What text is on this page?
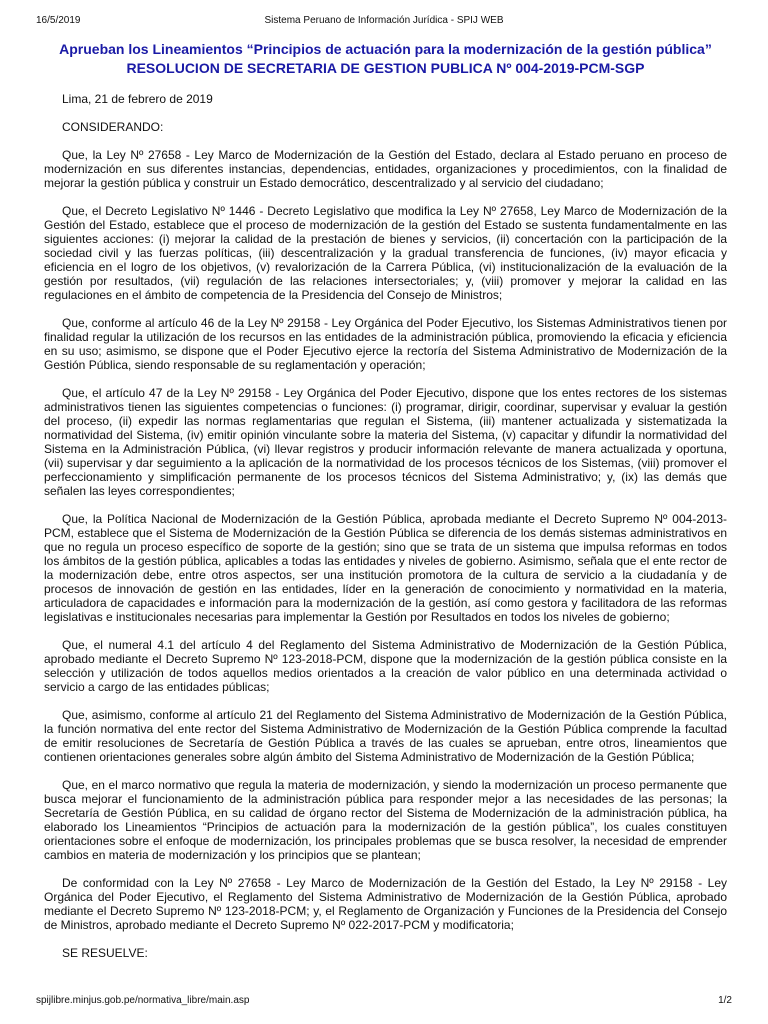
16/5/2019	Sistema Peruano de Información Jurídica - SPIJ WEB

Aprueban los Lineamientos “Principios de actuación para la modernización de la gestión pública”

RESOLUCION DE SECRETARIA DE GESTION PUBLICA Nº 004-2019-PCM-SGP

Lima, 21 de febrero de 2019

CONSIDERANDO:

Que, la Ley Nº 27658 - Ley Marco de Modernización de la Gestión del Estado, declara al Estado peruano en proceso de modernización en sus diferentes instancias, dependencias, entidades, organizaciones y procedimientos, con la finalidad de mejorar la gestión pública y construir un Estado democrático, descentralizado y al servicio del ciudadano;

Que, el Decreto Legislativo Nº 1446 - Decreto Legislativo que modifica la Ley Nº 27658, Ley Marco de Modernización de la Gestión del Estado, establece que el proceso de modernización de la gestión del Estado se sustenta fundamentalmente en las siguientes acciones: (i) mejorar la calidad de la prestación de bienes y servicios, (ii) concertación con la participación de la sociedad civil y las fuerzas políticas, (iii) descentralización y la gradual transferencia de funciones, (iv) mayor eficacia y eficiencia en el logro de los objetivos, (v) revalorización de la Carrera Pública, (vi) institucionalización de la evaluación de la gestión por resultados, (vii) regulación de las relaciones intersectoriales; y, (viii) promover y mejorar la calidad en las regulaciones en el ámbito de competencia de la Presidencia del Consejo de Ministros;

Que, conforme al artículo 46 de la Ley Nº 29158 - Ley Orgánica del Poder Ejecutivo, los Sistemas Administrativos tienen por finalidad regular la utilización de los recursos en las entidades de la administración pública, promoviendo la eficacia y eficiencia en su uso; asimismo, se dispone que el Poder Ejecutivo ejerce la rectoría del Sistema Administrativo de Modernización de la Gestión Pública, siendo responsable de su reglamentación y operación;

Que, el artículo 47 de la Ley Nº 29158 - Ley Orgánica del Poder Ejecutivo, dispone que los entes rectores de los sistemas administrativos tienen las siguientes competencias o funciones: (i) programar, dirigir, coordinar, supervisar y evaluar la gestión del proceso, (ii) expedir las normas reglamentarias que regulan el Sistema, (iii) mantener actualizada y sistematizada la normatividad del Sistema, (iv) emitir opinión vinculante sobre la materia del Sistema, (v) capacitar y difundir la normatividad del Sistema en la Administración Pública, (vi) llevar registros y producir información relevante de manera actualizada y oportuna, (vii) supervisar y dar seguimiento a la aplicación de la normatividad de los procesos técnicos de los Sistemas, (viii) promover el perfeccionamiento y simplificación permanente de los procesos técnicos del Sistema Administrativo; y, (ix) las demás que señalen las leyes correspondientes;

Que, la Política Nacional de Modernización de la Gestión Pública, aprobada mediante el Decreto Supremo Nº 004-2013-PCM, establece que el Sistema de Modernización de la Gestión Pública se diferencia de los demás sistemas administrativos en que no regula un proceso específico de soporte de la gestión; sino que se trata de un sistema que impulsa reformas en todos los ámbitos de la gestión pública, aplicables a todas las entidades y niveles de gobierno. Asimismo, señala que el ente rector de la modernización debe, entre otros aspectos, ser una institución promotora de la cultura de servicio a la ciudadanía y de procesos de innovación de gestión en las entidades, líder en la generación de conocimiento y normatividad en la materia, articuladora de capacidades e información para la modernización de la gestión, así como gestora y facilitadora de las reformas legislativas e institucionales necesarias para implementar la Gestión por Resultados en todos los niveles de gobierno;

Que, el numeral 4.1 del artículo 4 del Reglamento del Sistema Administrativo de Modernización de la Gestión Pública, aprobado mediante el Decreto Supremo Nº 123-2018-PCM, dispone que la modernización de la gestión pública consiste en la selección y utilización de todos aquellos medios orientados a la creación de valor público en una determinada actividad o servicio a cargo de las entidades públicas;

Que, asimismo, conforme al artículo 21 del Reglamento del Sistema Administrativo de Modernización de la Gestión Pública, la función normativa del ente rector del Sistema Administrativo de Modernización de la Gestión Pública comprende la facultad de emitir resoluciones de Secretaría de Gestión Pública a través de las cuales se aprueban, entre otros, lineamientos que contienen orientaciones generales sobre algún ámbito del Sistema Administrativo de Modernización de la Gestión Pública;

Que, en el marco normativo que regula la materia de modernización, y siendo la modernización un proceso permanente que busca mejorar el funcionamiento de la administración pública para responder mejor a las necesidades de las personas; la Secretaría de Gestión Pública, en su calidad de órgano rector del Sistema de Modernización de la administración pública, ha elaborado los Lineamientos “Principios de actuación para la modernización de la gestión pública”, los cuales constituyen orientaciones sobre el enfoque de modernización, los principales problemas que se busca resolver, la necesidad de emprender cambios en materia de modernización y los principios que se plantean;

De conformidad con la Ley Nº 27658 - Ley Marco de Modernización de la Gestión del Estado, la Ley Nº 29158 - Ley Orgánica del Poder Ejecutivo, el Reglamento del Sistema Administrativo de Modernización de la Gestión Pública, aprobado mediante el Decreto Supremo Nº 123-2018-PCM; y, el Reglamento de Organización y Funciones de la Presidencia del Consejo de Ministros, aprobado mediante el Decreto Supremo Nº 022-2017-PCM y modificatoria;

SE RESUELVE:

spijlibre.minjus.gob.pe/normativa_libre/main.asp	1/2
